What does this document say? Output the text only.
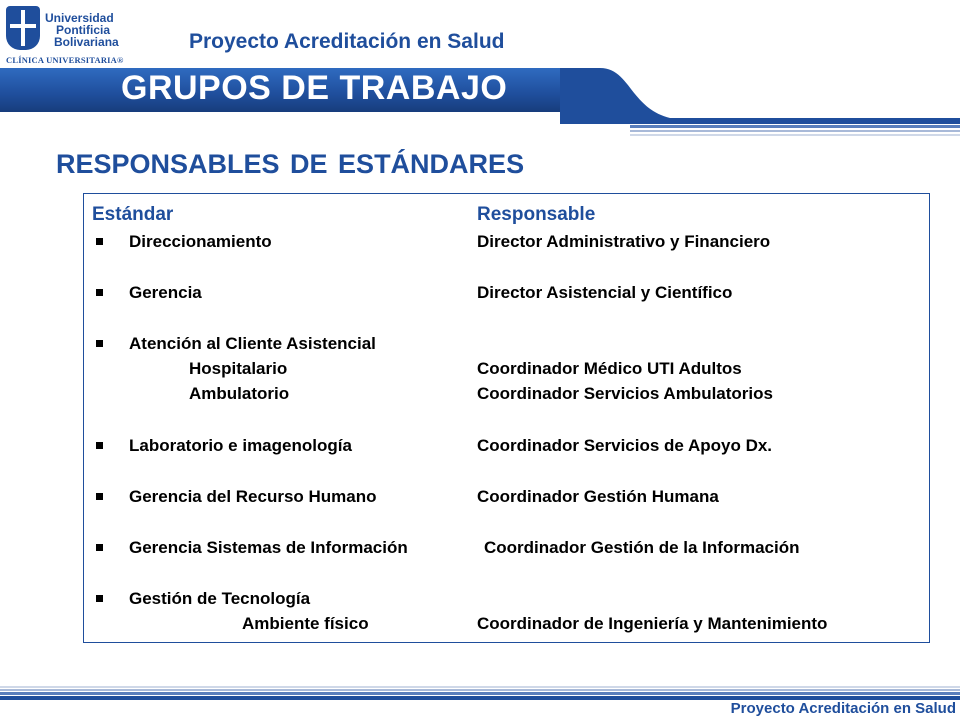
Universidad
Pontificia
Bolivariana
CLÍNICA UNIVERSITARIA®
Proyecto Acreditación en Salud
GRUPOS DE TRABAJO
RESPONSABLES DE ESTÁNDARES
Estándar	Responsable
Direccionamiento	Director Administrativo y Financiero
Gerencia	Director Asistencial y Científico
Atención al Cliente Asistencial
Hospitalario	Coordinador Médico UTI Adultos
Ambulatorio	Coordinador Servicios Ambulatorios
Laboratorio e imagenología	Coordinador Servicios de Apoyo Dx.
Gerencia del Recurso Humano	Coordinador Gestión Humana
Gerencia Sistemas de Información	Coordinador Gestión de la Información
Gestión de Tecnología
Ambiente físico	Coordinador de Ingeniería y Mantenimiento
Proyecto Acreditación en Salud
